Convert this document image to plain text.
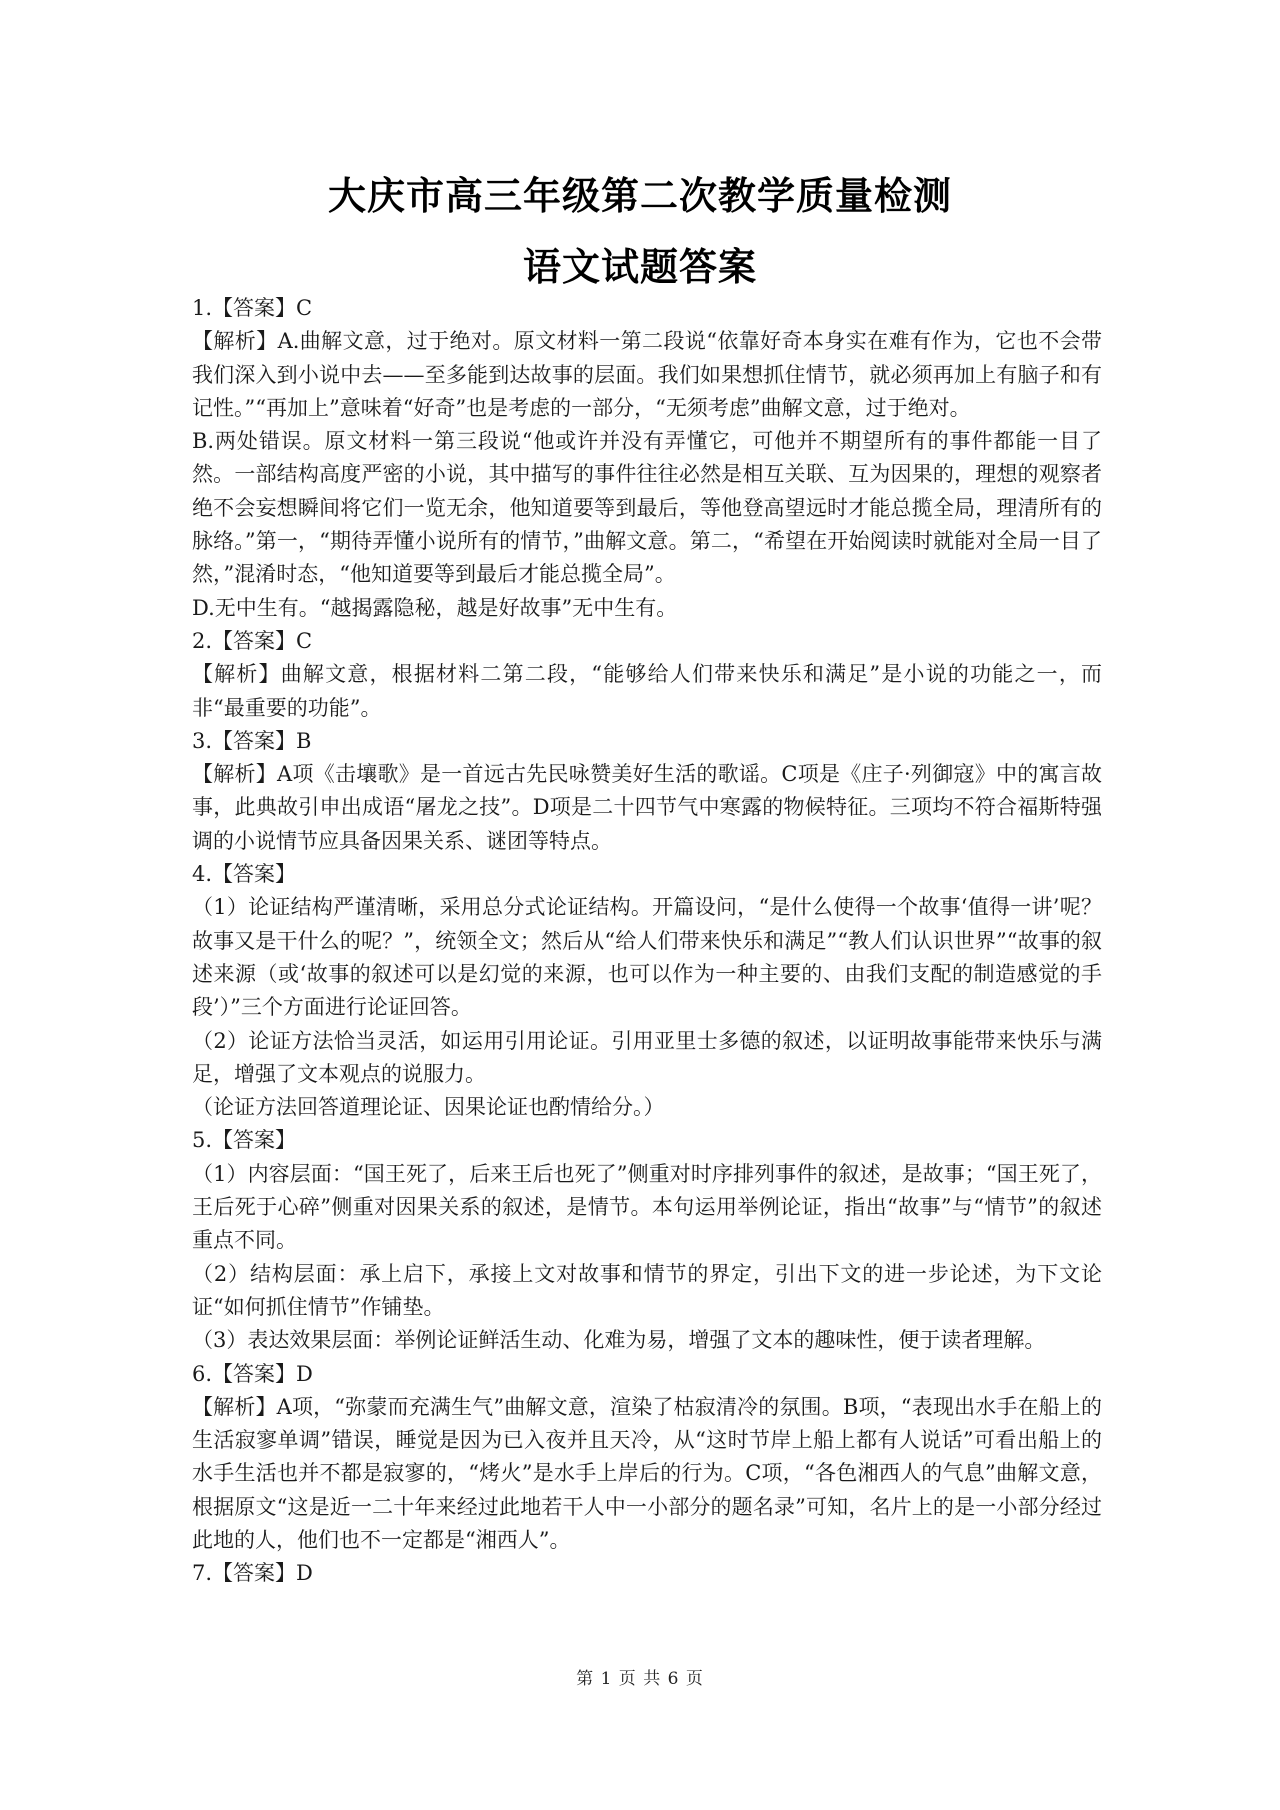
大庆市高三年级第二次教学质量检测
语文试题答案

1.【答案】C

【解析】A.曲解文意，过于绝对。原文材料一第二段说“依靠好奇本身实在难有作为，它也不会带我们深入到小说中去——至多能到达故事的层面。我们如果想抓住情节，就必须再加上有脑子和有记性。”“再加上”意味着“好奇”也是考虑的一部分，“无须考虑”曲解文意，过于绝对。

B.两处错误。原文材料一第三段说“他或许并没有弄懂它，可他并不期望所有的事件都能一目了然。一部结构高度严密的小说，其中描写的事件往往必然是相互关联、互为因果的，理想的观察者绝不会妄想瞬间将它们一览无余，他知道要等到最后，等他登高望远时才能总揽全局，理清所有的脉络。”第一，“期待弄懂小说所有的情节，”曲解文意。第二，“希望在开始阅读时就能对全局一目了然，”混淆时态，“他知道要等到最后才能总揽全局”。

D.无中生有。“越揭露隐秘，越是好故事”无中生有。

2.【答案】C

【解析】曲解文意，根据材料二第二段，“能够给人们带来快乐和满足”是小说的功能之一，而非“最重要的功能”。

3.【答案】B

【解析】A项《击壤歌》是一首远古先民咏赞美好生活的歌谣。C项是《庄子·列御寇》中的寓言故事，此典故引申出成语“屠龙之技”。D项是二十四节气中寒露的物候特征。三项均不符合福斯特强调的小说情节应具备因果关系、谜团等特点。

4.【答案】

（1）论证结构严谨清晰，采用总分式论证结构。开篇设问，“是什么使得一个故事‘值得一讲’呢？故事又是干什么的呢？”，统领全文；然后从“给人们带来快乐和满足”“教人们认识世界”“故事的叙述来源（或‘故事的叙述可以是幻觉的来源，也可以作为一种主要的、由我们支配的制造感觉的手段’）”三个方面进行论证回答。

（2）论证方法恰当灵活，如运用引用论证。引用亚里士多德的叙述，以证明故事能带来快乐与满足，增强了文本观点的说服力。

（论证方法回答道理论证、因果论证也酌情给分。）

5.【答案】

（1）内容层面：“国王死了，后来王后也死了”侧重对时序排列事件的叙述，是故事；“国王死了，王后死于心碎”侧重对因果关系的叙述，是情节。本句运用举例论证，指出“故事”与“情节”的叙述重点不同。

（2）结构层面：承上启下，承接上文对故事和情节的界定，引出下文的进一步论述，为下文论证“如何抓住情节”作铺垫。

（3）表达效果层面：举例论证鲜活生动、化难为易，增强了文本的趣味性，便于读者理解。

6.【答案】D

【解析】A项，“弥蒙而充满生气”曲解文意，渲染了枯寂清冷的氛围。B项，“表现出水手在船上的生活寂寥单调”错误，睡觉是因为已入夜并且天冷，从“这时节岸上船上都有人说话”可看出船上的水手生活也并不都是寂寥的，“烤火”是水手上岸后的行为。C项，“各色湘西人的气息”曲解文意，根据原文“这是近一二十年来经过此地若干人中一小部分的题名录”可知，名片上的是一小部分经过此地的人，他们也不一定都是“湘西人”。

7.【答案】D

第 1 页 共 6 页
